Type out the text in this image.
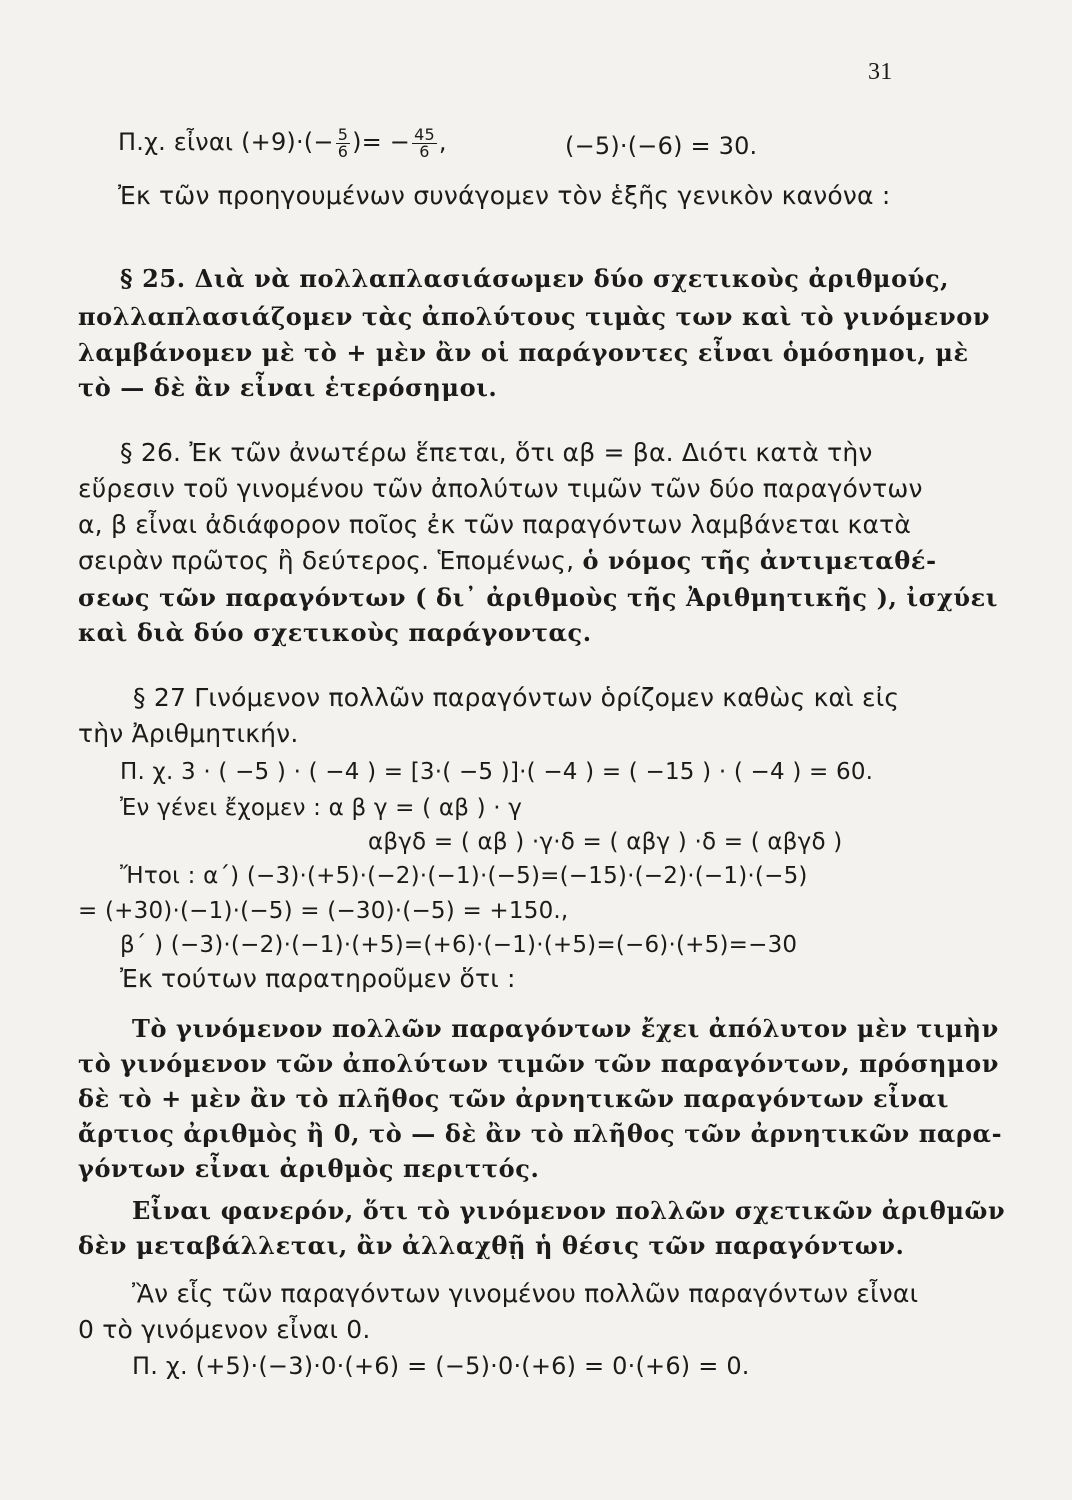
31
Π.χ. εἶναι $(+9)\cdot(- \frac{5}{6}$ )= − $\frac{45}{6}$ ,	(−5)·(−6) = 30.
Ἐκ τῶν προηγουμένων συνάγομεν τὸν ἑξῆς γενικὸν κανόνα :
§ 25. Διὰ νὰ πολλαπλασιάσωμεν δύο σχετικοὺς ἀριθμούς,
πολλαπλασιάζομεν τὰς ἀπολύτους τιμὰς των καὶ τὸ γινόμενον
λαμβάνομεν μὲ τὸ + μὲν ἂν οἱ παράγοντες εἶναι ὁμόσημοι, μὲ
τὸ — δὲ ἂν εἶναι ἑτερόσημοι.
§ 26. Ἐκ τῶν ἀνωτέρω ἕπεται, ὅτι αβ = βα. Διότι κατὰ τὴν
εὕρεσιν τοῦ γινομένου τῶν ἀπολύτων τιμῶν τῶν δύο παραγόντων
α, β εἶναι ἀδιάφορον ποῖος ἐκ τῶν παραγόντων λαμβάνεται κατὰ
σειρὰν πρῶτος ἢ δεύτερος. Ἑπομένως, ὁ νόμος τῆς ἀντιμεταθέ-
σεως τῶν παραγόντων ( δι᾿ ἀριθμοὺς τῆς Ἀριθμητικῆς ), ἰσχύει
καὶ διὰ δύο σχετικοὺς παράγοντας.
§ 27 Γινόμενον πολλῶν παραγόντων ὁρίζομεν καθὼς καὶ εἰς
τὴν Ἀριθμητικήν.
Π. χ. 3 · ( −5 ) · ( −4 ) = [3·( −5 )]·( −4 ) = ( −15 ) · ( −4 ) = 60.
Ἐν γένει ἔχομεν : α β γ = ( αβ ) · γ
αβγδ = ( αβ ) ·γ·δ = ( αβγ ) ·δ = ( αβγδ )
Ἤτοι : α΄) (−3)·(+5)·(−2)·(−1)·(−5)=(−15)·(−2)·(−1)·(−5)
= (+30)·(−1)·(−5) = (−30)·(−5) = +150.,
β΄ ) (−3)·(−2)·(−1)·(+5)=(+6)·(−1)·(+5)=(−6)·(+5)=−30
Ἐκ τούτων παρατηροῦμεν ὅτι :
Τὸ γινόμενον πολλῶν παραγόντων ἔχει ἀπόλυτον μὲν τιμὴν
τὸ γινόμενον τῶν ἀπολύτων τιμῶν τῶν παραγόντων, πρόσημον
δὲ τὸ + μὲν ἂν τὸ πλῆθος τῶν ἀρνητικῶν παραγόντων εἶναι
ἄρτιος ἀριθμὸς ἢ 0, τὸ — δὲ ἂν τὸ πλῆθος τῶν ἀρνητικῶν παρα-
γόντων εἶναι ἀριθμὸς περιττός.
Εἶναι φανερόν, ὅτι τὸ γινόμενον πολλῶν σχετικῶν ἀριθμῶν
δὲν μεταβάλλεται, ἂν ἀλλαχθῇ ἡ θέσις τῶν παραγόντων.
Ἂν εἷς τῶν παραγόντων γινομένου πολλῶν παραγόντων εἶναι
0 τὸ γινόμενον εἶναι 0.
Π. χ. (+5)·(−3)·0·(+6) = (−5)·0·(+6) = 0·(+6) = 0.
